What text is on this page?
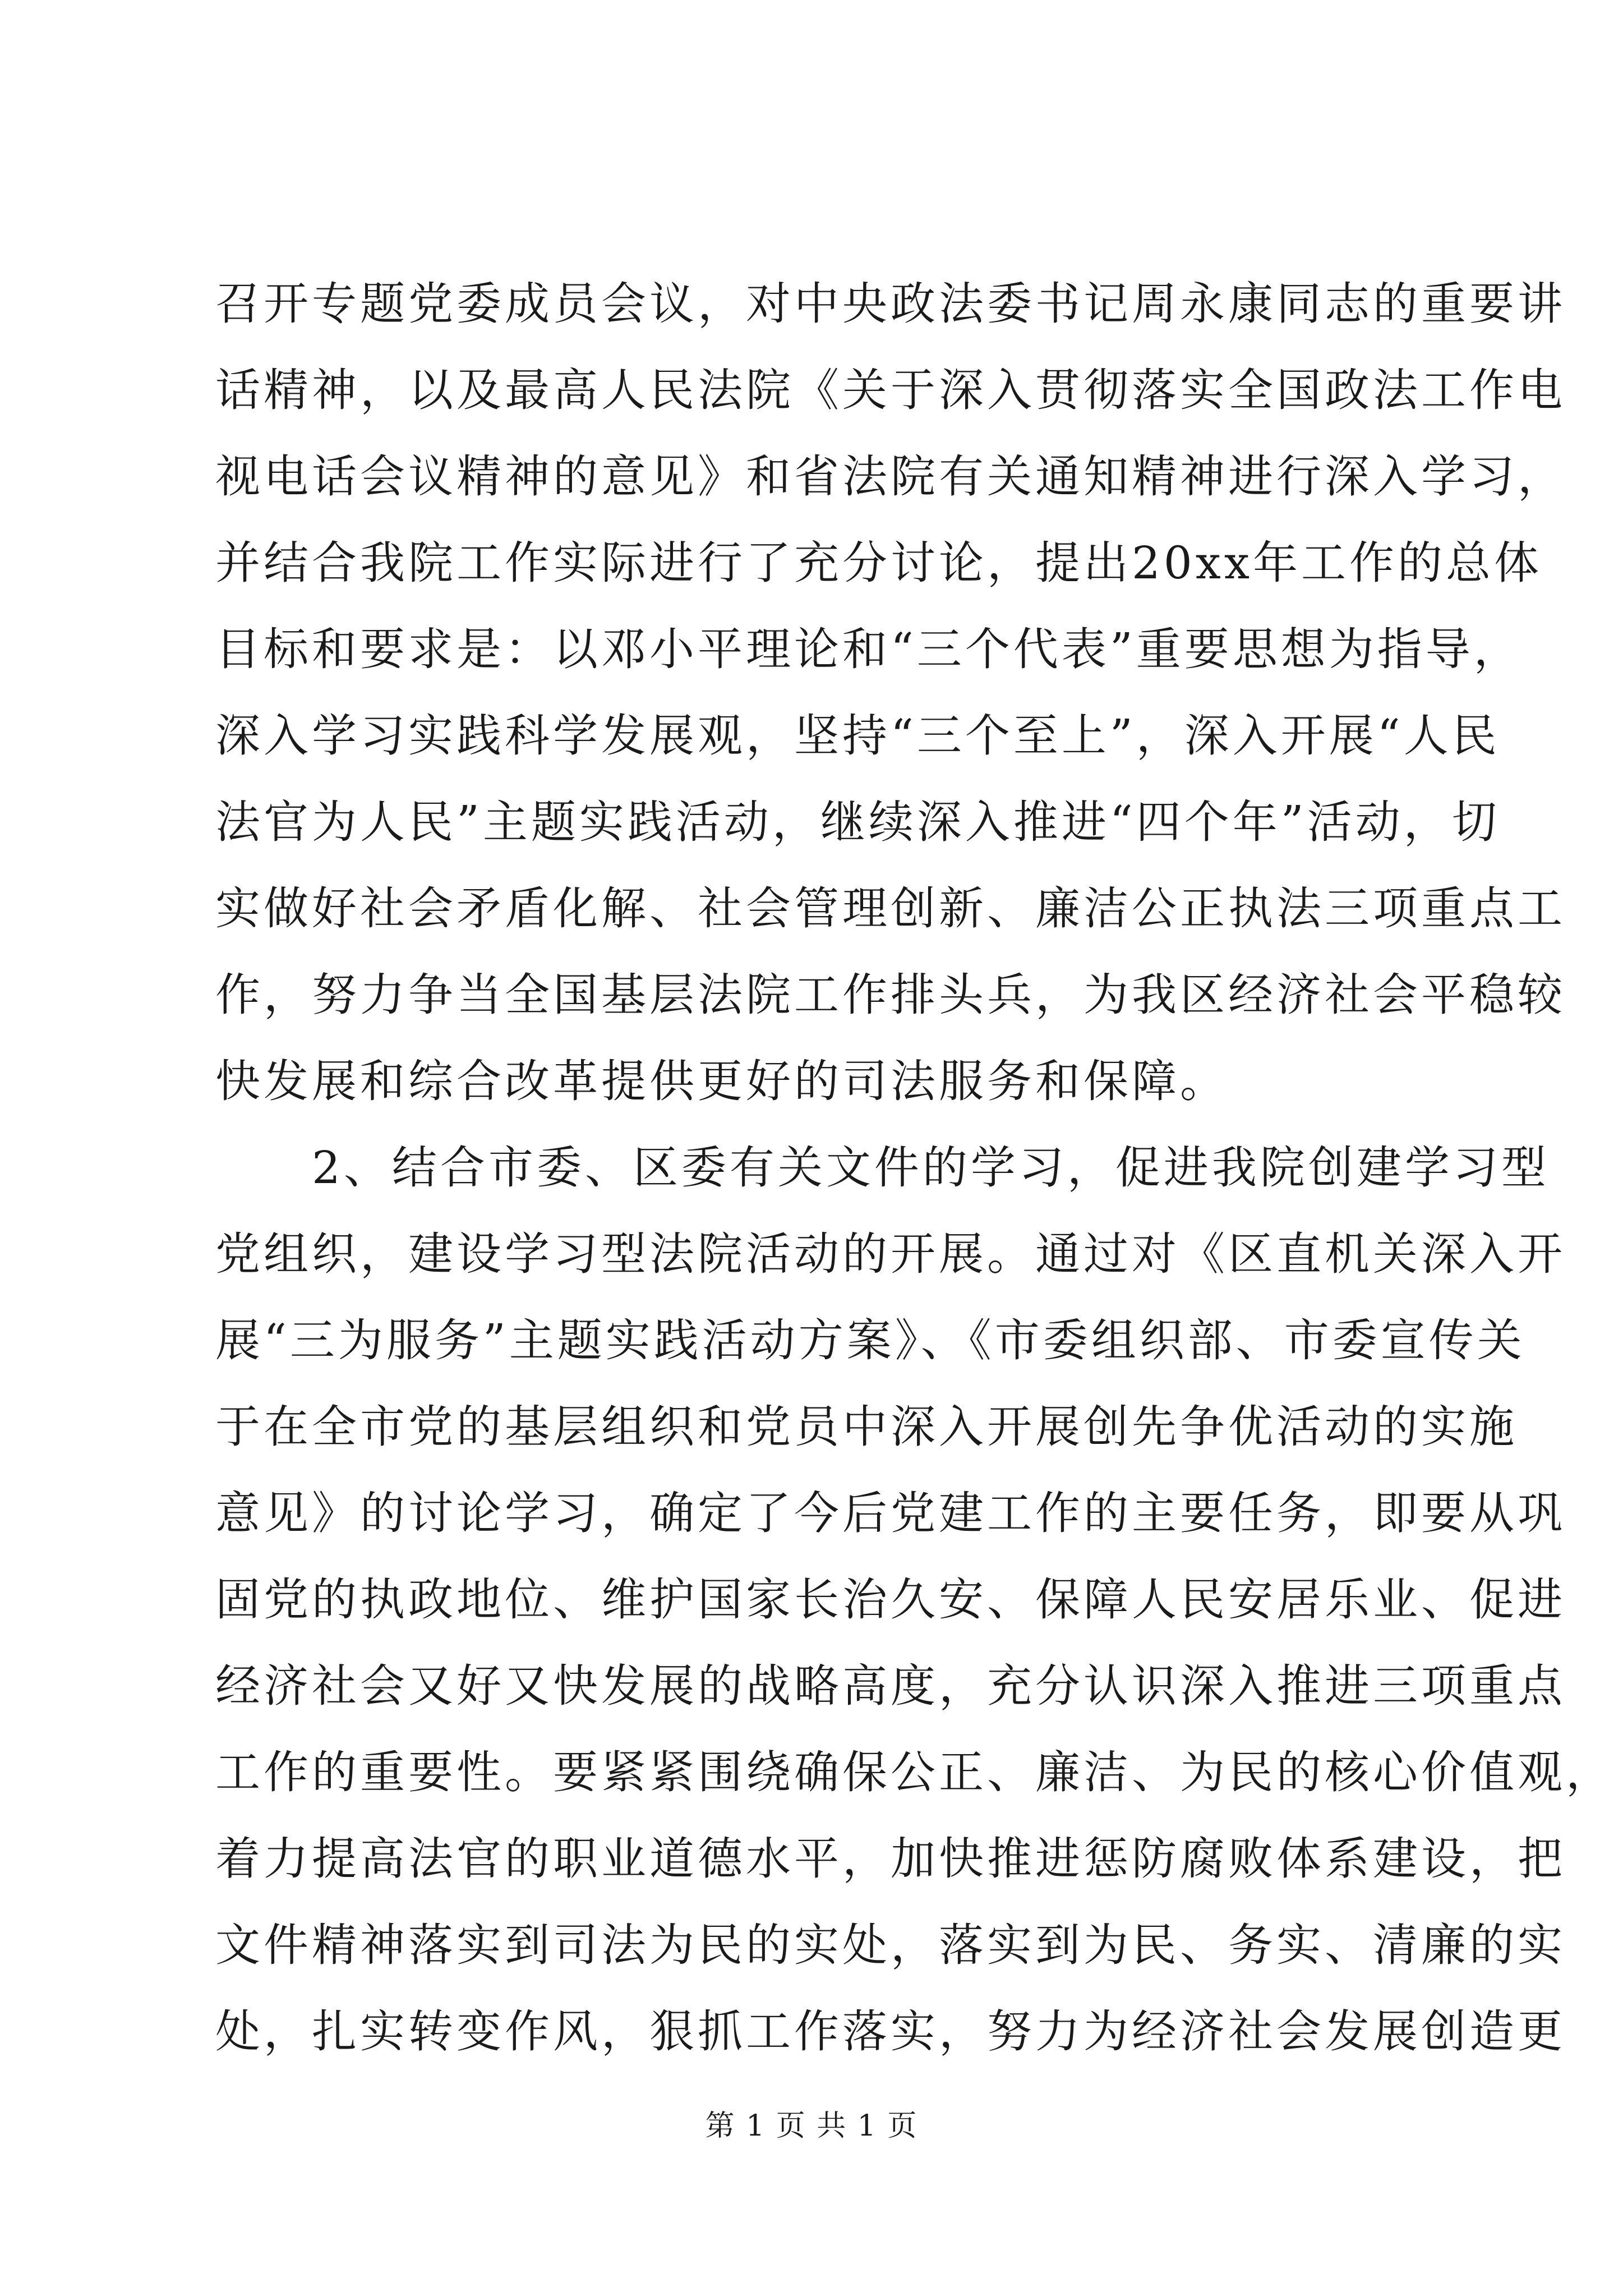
召开专题党委成员会议，对中央政法委书记周永康同志的重要讲
话精神，以及最高人民法院《关于深入贯彻落实全国政法工作电
视电话会议精神的意见》和省法院有关通知精神进行深入学习，
并结合我院工作实际进行了充分讨论，提出20xx年工作的总体
目标和要求是：以邓小平理论和“三个代表”重要思想为指导，
深入学习实践科学发展观，坚持“三个至上”，深入开展“人民
法官为人民”主题实践活动，继续深入推进“四个年”活动，切
实做好社会矛盾化解、社会管理创新、廉洁公正执法三项重点工
作，努力争当全国基层法院工作排头兵，为我区经济社会平稳较
快发展和综合改革提供更好的司法服务和保障。
2、结合市委、区委有关文件的学习，促进我院创建学习型
党组织，建设学习型法院活动的开展。通过对《区直机关深入开
展“三为服务”主题实践活动方案》、《市委组织部、市委宣传关
于在全市党的基层组织和党员中深入开展创先争优活动的实施
意见》的讨论学习，确定了今后党建工作的主要任务，即要从巩
固党的执政地位、维护国家长治久安、保障人民安居乐业、促进
经济社会又好又快发展的战略高度，充分认识深入推进三项重点
工作的重要性。要紧紧围绕确保公正、廉洁、为民的核心价值观，
着力提高法官的职业道德水平，加快推进惩防腐败体系建设，把
文件精神落实到司法为民的实处，落实到为民、务实、清廉的实
处，扎实转变作风，狠抓工作落实，努力为经济社会发展创造更
第 1 页 共 1 页
